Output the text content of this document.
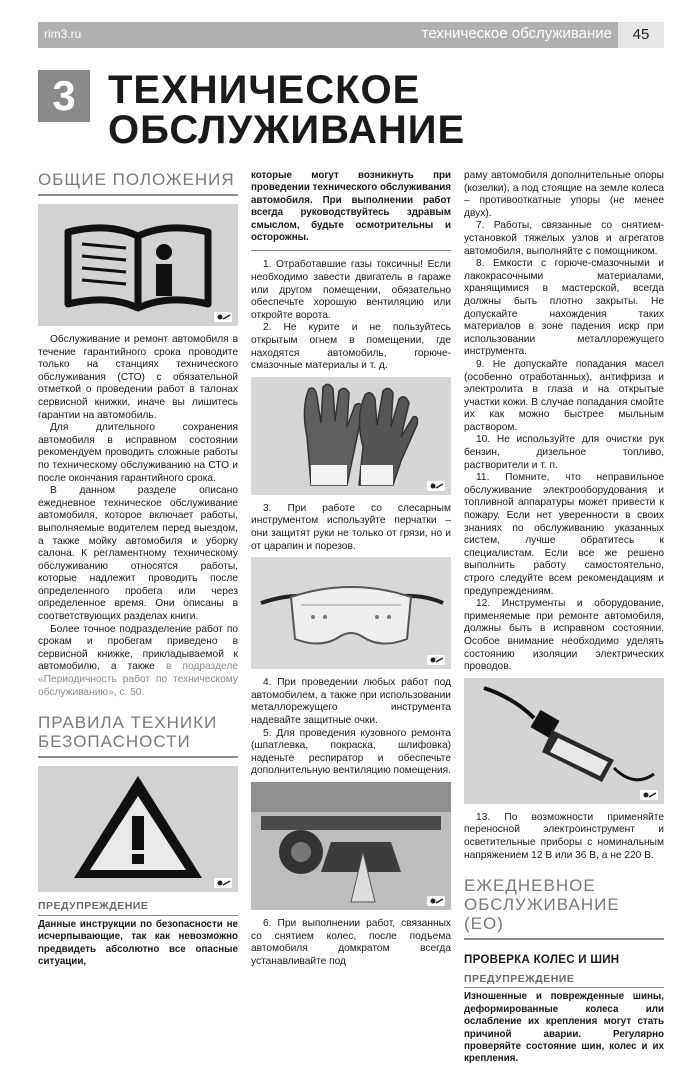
rim3.ru	техническое обслуживание	45
3 ТЕХНИЧЕСКОЕ
ОБСЛУЖИВАНИЕ
ОБЩИЕ ПОЛОЖЕНИЯ

Обслуживание и ремонт автомобиля в течение гарантийного срока проводите только на станциях технического обслуживания (СТО) с обязательной отметкой о проведении работ в талонах сервисной книжки, иначе вы лишитесь гарантии на автомобиль.

Для длительного сохранения автомобиля в исправном состоянии рекомендуем проводить сложные работы по техническому обслуживанию на СТО и после окончания гарантийного срока.

В данном разделе описано ежедневное техническое обслуживание автомобиля, которое включает работы, выполняемые водителем перед выездом, а также мойку автомобиля и уборку салона. К регламентному техническому обслуживанию относятся работы, которые надлежит проводить после определенного пробега или через определенное время. Они описаны в соответствующих разделах книги.

Более точное подразделение работ по срокам и пробегам приведено в сервисной книжке, прикладываемой к автомобилю, а также в подразделе «Периодичность работ по техническому обслуживанию», с. 50.

ПРАВИЛА ТЕХНИКИ
БЕЗОПАСНОСТИ
ПРЕДУПРЕЖДЕНИЕ
Данные инструкции по безопасности не исчерпывающие, так как невозможно предвидеть абсолютно все опасные ситуации,
которые могут возникнуть при проведении технического обслуживания автомобиля. При выполнении работ всегда руководствуйтесь здравым смыслом, будьте осмотрительны и осторожны.

1. Отработавшие газы токсичны! Если необходимо завести двигатель в гараже или другом помещении, обязательно обеспечьте хорошую вентиляцию или откройте ворота.

2. Не курите и не пользуйтесь открытым огнем в помещении, где находятся автомобиль, горюче-смазочные материалы и т. д.

3. При работе со слесарным инструментом используйте перчатки – они защитят руки не только от грязи, но и от царапин и порезов.

4. При проведении любых работ под автомобилем, а также при использовании металлорежущего инструмента надевайте защитные очки.

5. Для проведения кузовного ремонта (шпатлевка, покраска, шлифовка) наденьте респиратор и обеспечьте дополнительную вентиляцию помещения.

6. При выполнении работ, связанных со снятием колес, после подъема автомобиля домкратом всегда устанавливайте под

раму автомобиля дополнительные опоры (козелки), а под стоящие на земле колеса – противооткатные упоры (не менее двух).

7. Работы, связанные со снятием-установкой тяжелых узлов и агрегатов автомобиля, выполняйте с помощником.

8. Емкости с горюче-смазочными и лакокрасочными материалами, хранящимися в мастерской, всегда должны быть плотно закрыты. Не допускайте нахождения таких материалов в зоне падения искр при использовании металлорежущего инструмента.

9. Не допускайте попадания масел (особенно отработанных), антифриза и электролита в глаза и на открытые участки кожи. В случае попадания смойте их как можно быстрее мыльным раствором.

10. Не используйте для очистки рук бензин, дизельное топливо, растворители и т. п.

11. Помните, что неправильное обслуживание электрооборудования и топливной аппаратуры может привести к пожару. Если нет уверенности в своих знаниях по обслуживанию указанных систем, лучше обратитесь к специалистам. Если все же решено выполнить работу самостоятельно, строго следуйте всем рекомендациям и предупреждениям.

12. Инструменты и оборудование, применяемые при ремонте автомобиля, должны быть в исправном состоянии. Особое внимание необходимо уделять состоянию изоляции электрических проводов.

13. По возможности применяйте переносной электроинструмент и осветительные приборы с номинальным напряжением 12 В или 36 В, а не 220 В.

ЕЖЕДНЕВНОЕ
ОБСЛУЖИВАНИЕ (ЕО)
ПРОВЕРКА КОЛЕС И ШИН
ПРЕДУПРЕЖДЕНИЕ
Изношенные и поврежденные шины, деформированные колеса или ослабление их крепления могут стать причиной аварии. Регулярно проверяйте состояние шин, колес и их крепления.
